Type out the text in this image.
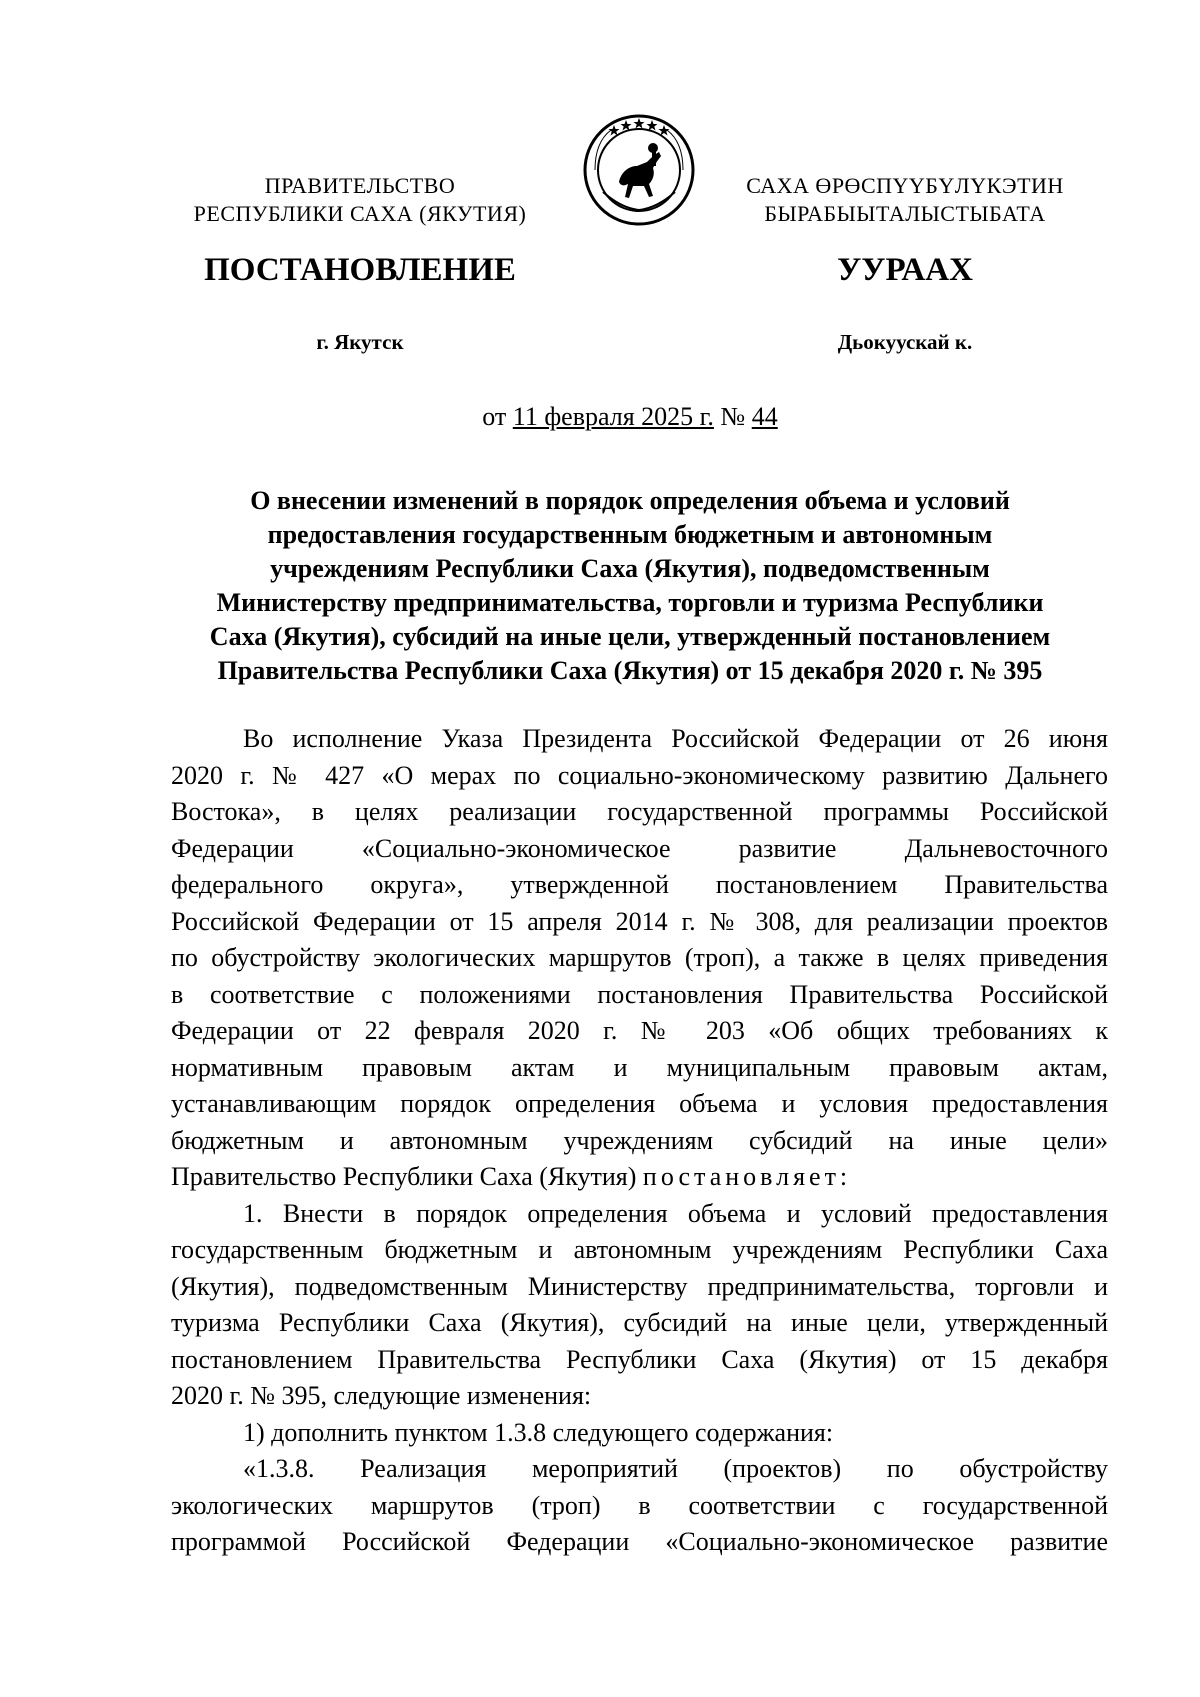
ПРАВИТЕЛЬСТВО
РЕСПУБЛИКИ САХА (ЯКУТИЯ)
САХА ӨРӨСПҮҮБҮЛҮКЭТИН
БЫРАБЫЫТАЛЫСТЫБАТА
ПОСТАНОВЛЕНИЕ	УУРААХ
г. Якутск	Дьокуускай к.
от 11 февраля 2025 г. № 44
О внесении изменений в порядок определения объема и условий
предоставления государственным бюджетным и автономным
учреждениям Республики Саха (Якутия), подведомственным
Министерству предпринимательства, торговли и туризма Республики
Саха (Якутия), субсидий на иные цели, утвержденный постановлением
Правительства Республики Саха (Якутия) от 15 декабря 2020 г. № 395
Во исполнение Указа Президента Российской Федерации от 26 июня
2020 г. № 427 «О мерах по социально-экономическому развитию Дальнего
Востока», в целях реализации государственной программы Российской
Федерации «Социально-экономическое развитие Дальневосточного
федерального округа», утвержденной постановлением Правительства
Российской Федерации от 15 апреля 2014 г. № 308, для реализации проектов
по обустройству экологических маршрутов (троп), а также в целях приведения
в соответствие с положениями постановления Правительства Российской
Федерации от 22 февраля 2020 г. № 203 «Об общих требованиях к
нормативным правовым актам и муниципальным правовым актам,
устанавливающим порядок определения объема и условия предоставления
бюджетным и автономным учреждениям субсидий на иные цели»
Правительство Республики Саха (Якутия) постановляет:
1. Внести в порядок определения объема и условий предоставления
государственным бюджетным и автономным учреждениям Республики Саха
(Якутия), подведомственным Министерству предпринимательства, торговли и
туризма Республики Саха (Якутия), субсидий на иные цели, утвержденный
постановлением Правительства Республики Саха (Якутия) от 15 декабря
2020 г. № 395, следующие изменения:
1) дополнить пунктом 1.3.8 следующего содержания:
«1.3.8. Реализация мероприятий (проектов) по обустройству
экологических маршрутов (троп) в соответствии с государственной
программой Российской Федерации «Социально-экономическое развитие
